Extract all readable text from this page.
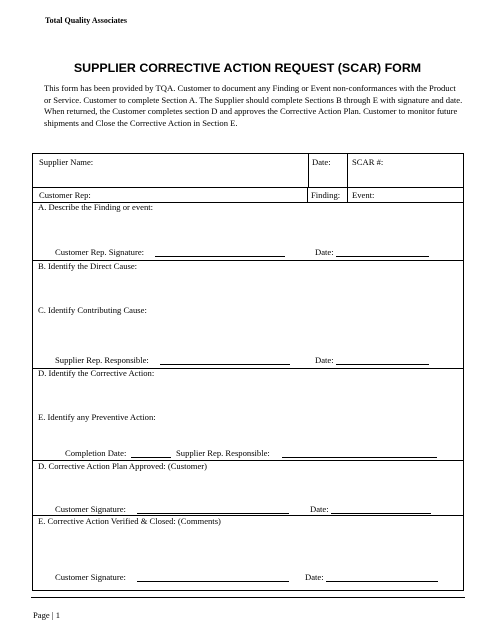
Total Quality Associates
SUPPLIER CORRECTIVE ACTION REQUEST (SCAR) FORM
This form has been provided by TQA. Customer to document any Finding or Event non-conformances with the Product or Service. Customer to complete Section A. The Supplier should complete Sections B through E with signature and date. When returned, the Customer completes section D and approves the Corrective Action Plan. Customer to monitor future shipments and Close the Corrective Action in Section E.
Supplier Name:	Date: SCAR #:
Customer Rep:	Finding: Event:
A. Describe the Finding or event:
Customer Rep. Signature:	Date:
B. Identify the Direct Cause:
C. Identify Contributing Cause:
Supplier Rep. Responsible:	Date:
D. Identify the Corrective Action:
E. Identify any Preventive Action:
Completion Date:	Supplier Rep. Responsible:
D. Corrective Action Plan Approved: (Customer)
Customer Signature:	Date:
E. Corrective Action Verified & Closed: (Comments)
Customer Signature:	Date:
Page | 1
